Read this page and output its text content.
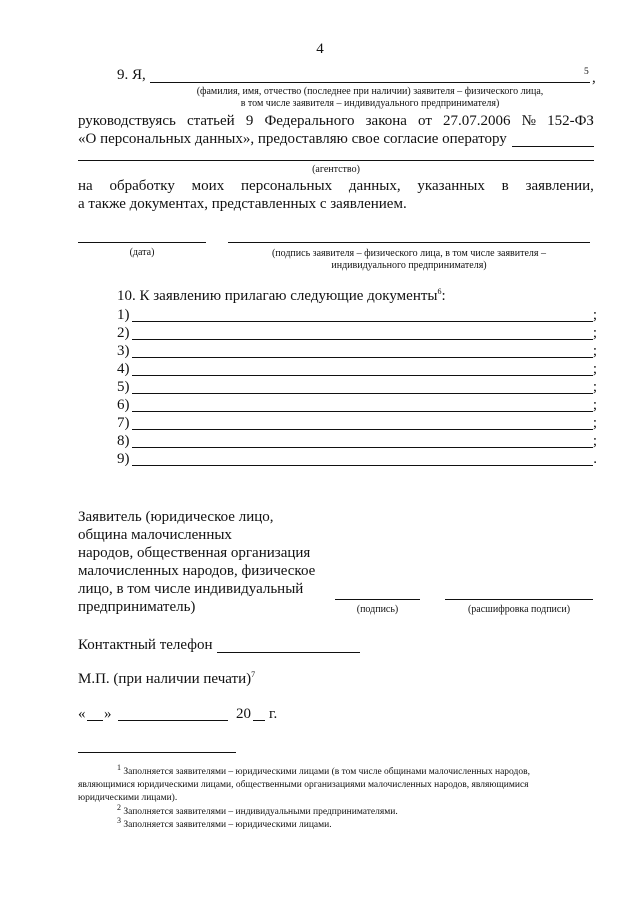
4
9. Я,	5 ,
(фамилия, имя, отчество (последнее при наличии) заявителя – физического лица,
в том числе заявителя – индивидуального предпринимателя)
руководствуясь статьей 9 Федерального закона от 27.07.2006 № 152-ФЗ
«О персональных данных», предоставляю свое согласие оператору
(агентство)
на обработку моих персональных данных, указанных в заявлении,
а также документах, представленных с заявлением.
(дата)	(подпись заявителя – физического лица, в том числе заявителя –
индивидуального предпринимателя)
10. К заявлению прилагаю следующие документы$^6$:
1)	;
2)	;
3)	;
4)	;
5)	;
6)	;
7)	;
8)	;
9)	.
Заявитель (юридическое лицо,
община малочисленных
народов, общественная организация
малочисленных народов, физическое
лицо, в том числе индивидуальный
предприниматель)	(подпись)	(расшифровка подписи)
Контактный телефон
М.П. (при наличии печати)$^7$
« »	20 г.
$^1$ Заполняется заявителями – юридическими лицами (в том числе общинами малочисленных народов,
являющимися юридическими лицами, общественными организациями малочисленных народов, являющимися
юридическими лицами).
$^2$ Заполняется заявителями – индивидуальными предпринимателями.
$^3$ Заполняется заявителями – юридическими лицами.
